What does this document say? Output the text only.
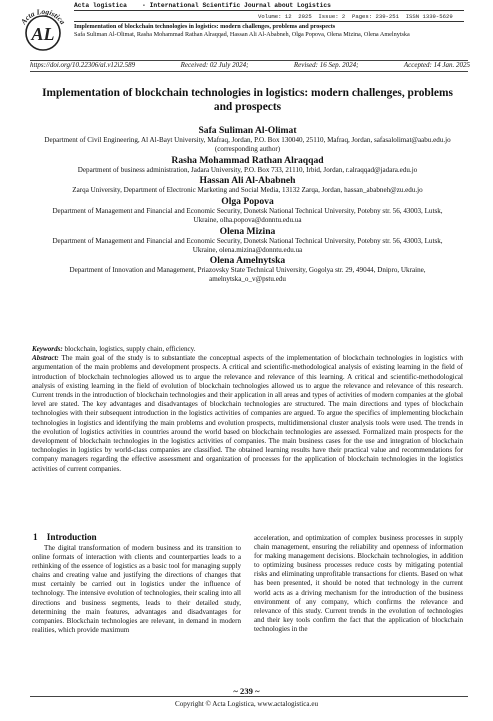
Acta Logistica
AL
Acta logistica    - International Scientific Journal about Logistics
Volume: 12  2025  Issue: 2  Pages: 239-251  ISSN 1339-5629
Implementation of blockchain technologies in logistics: modern challenges, problems and prospects
Safa Suliman Al-Olimat, Rasha Mohammad Rathan Alraqqad, Hassan Ali Al-Ababneh, Olga Popova, Olena Mizina, Olena Amelnytska
https://doi.org/10.22306/al.v12i2.589	Received: 02 July 2024;	Revised: 16 Sep. 2024;	Accepted: 14 Jan. 2025
Implementation of blockchain technologies in logistics: modern challenges, problems and prospects
Safa Suliman Al-Olimat
Department of Civil Engineering, Al Al-Bayt University, Mafraq, Jordan, P.O. Box 130040, 25110, Mafraq, Jordan, safasalolimat@aabu.edu.jo (corresponding author)
Rasha Mohammad Rathan Alraqqad
Department of business administration, Jadara University, P.O. Box 733, 21110, Irbid, Jordan, r.alraqqad@jadara.edu.jo
Hassan Ali Al-Ababneh
Zarqa University, Department of Electronic Marketing and Social Media, 13132 Zarqa, Jordan, hassan_ababneh@zu.edu.jo
Olga Popova
Department of Management and Financial and Economic Security, Donetsk National Technical University, Potebny str. 56, 43003, Lutsk, Ukraine, olha.popova@donntu.edu.ua
Olena Mizina
Department of Management and Financial and Economic Security, Donetsk National Technical University, Potebny str. 56, 43003, Lutsk, Ukraine, olena.mizina@donntu.edu.ua
Olena Amelnytska
Department of Innovation and Management, Priazovsky State Technical University, Gogolya str. 29, 49044, Dnipro, Ukraine, amelnytska_o_v@pstu.edu
Keywords: blockchain, logistics, supply chain, efficiency.
Abstract: The main goal of the study is to substantiate the conceptual aspects of the implementation of blockchain technologies in logistics with argumentation of the main problems and development prospects. A critical and scientific-methodological analysis of existing learning in the field of introduction of blockchain technologies allowed us to argue the relevance and relevance of this learning. A critical and scientific-methodological analysis of existing learning in the field of evolution of blockchain technologies allowed us to argue the relevance and relevance of this research. Current trends in the introduction of blockchain technologies and their application in all areas and types of activities of modern companies at the global level are stated. The key advantages and disadvantages of blockchain technologies are structured. The main directions and types of blockchain technologies with their subsequent introduction in the logistics activities of companies are argued. To argue the specifics of implementing blockchain technologies in logistics and identifying the main problems and evolution prospects, multidimensional cluster analysis tools were used. The trends in the evolution of logistics activities in countries around the world based on blockchain technologies are assessed. Formalized main prospects for the development of blockchain technologies in the logistics activities of companies. The main business cases for the use and integration of blockchain technologies in logistics by world-class companies are classified. The obtained learning results have their practical value and recommendations for company managers regarding the effective assessment and organization of processes for the application of blockchain technologies in the logistics activities of current companies.
1    Introduction

The digital transformation of modern business and its transition to online formats of interaction with clients and counterparties leads to a rethinking of the essence of logistics as a basic tool for managing supply chains and creating value and justifying the directions of changes that must certainly be carried out in logistics under the influence of technology. The intensive evolution of technologies, their scaling into all directions and business segments, leads to their detailed study, determining the main features, advantages and disadvantages for companies. Blockchain technologies are relevant, in demand in modern realities, which provide maximum

acceleration, and optimization of complex business processes in supply chain management, ensuring the reliability and openness of information for making management decisions. Blockchain technologies, in addition to optimizing business processes reduce costs by mitigating potential risks and eliminating unprofitable transactions for clients. Based on what has been presented, it should be noted that technology in the current world acts as a driving mechanism for the introduction of the business environment of any company, which confirms the relevance and relevance of this study. Current trends in the evolution of technologies and their key tools confirm the fact that the application of blockchain technologies in the

~ 239 ~
Copyright © Acta Logistica, www.actalogistica.eu
